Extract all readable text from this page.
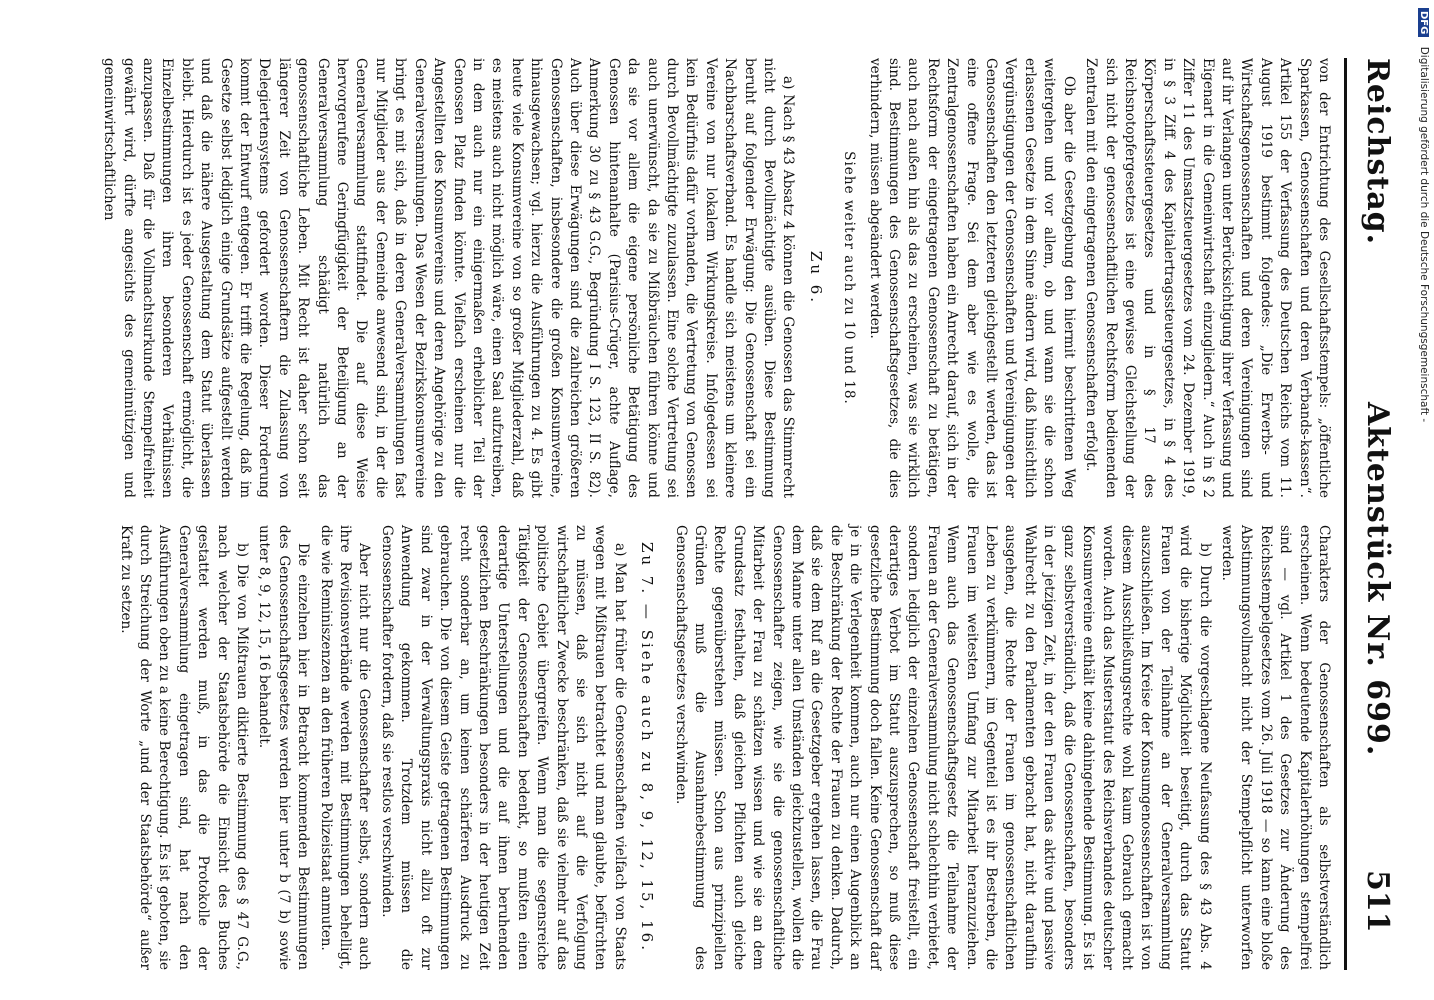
Reichstag.
Aktenstück Nr. 699.
511

von der Entrichtung des Gesellschaftsstempels: „öffentliche Sparkassen, Genossenschaften und deren Verbands-kassen“. Artikel 155 der Verfassung des Deutschen Reichs vom 11. August 1919 bestimmt folgendes: „Die Erwerbs- und Wirtschaftsgenossenschaften und deren Vereinigungen sind auf ihr Verlangen unter Berücksichtigung ihrer Verfassung und Eigenart in die Gemeinwirtschaft einzugliedern.“ Auch in § 2 Ziffer 11 des Umsatzsteuergesetzes vom 24. Dezember 1919, in § 3 Ziff. 4 des Kapitalertragssteuergesetzes, in § 4 des Körperschaftssteuergesetzes und in § 17 des Reichsnotopfergesetzes ist eine gewisse Gleichstellung der sich nicht der genossenschaftlichen Rechtsform bedienenden Zentralen mit den eingetragenen Genossenschaften erfolgt.

Ob aber die Gesetzgebung den hiermit beschrittenen Weg weitergehen und vor allem, ob und wann sie die schon erlassenen Gesetze in dem Sinne ändern wird, daß hinsichtlich Vergünstigungen der Genossenschaften und Vereinigungen der Genossenschaften den letzteren gleichgestellt werden, das ist eine offene Frage. Sei dem aber wie es wolle, die Zentralgenossenschaften haben ein Anrecht darauf, sich in der Rechtsform der eingetragenen Genossenschaft zu betätigen, auch nach außen hin als das zu erscheinen, was sie wirklich sind. Bestimmungen des Genossenschaftsgesetzes, die dies verhindern, müssen abgeändert werden.

Siehe weiter auch zu 10 und 18.
Zu 6.

a) Nach § 43 Absatz 4 können die Genossen das Stimmrecht nicht durch Bevollmächtigte ausüben. Diese Bestimmung beruht auf folgender Erwägung: Die Genossenschaft sei ein Nachbarschaftsverband. Es handle sich meistens um kleinere Vereine von nur lokalem Wirkungskreise. Infolgedessen sei kein Bedürfnis dafür vorhanden, die Vertretung von Genossen durch Bevollmächtigte zuzulassen. Eine solche Vertretung sei auch unerwünscht, da sie zu Mißbräuchen führen könne und da sie vor allem die eigene persönliche Betätigung des Genossen hintenanhalte (Parisius-Crüger, achte Auflage, Anmerkung 30 zu § 43 G.G., Begründung I S. 123, II S. 82). Auch über diese Erwägungen sind die zahlreichen größeren Genossenschaften, insbesondere die großen Konsumvereine, hinausgewachsen; vgl. hierzu die Ausführungen zu 4. Es gibt heute viele Konsumvereine von so großer Mitgliederzahl, daß es meistens auch nicht möglich wäre, einen Saal aufzutreiben, in dem auch nur ein einigermaßen erheblicher Teil der Genossen Platz finden könnte. Vielfach erscheinen nur die Angestellten des Konsumvereins und deren Angehörige zu den Generalversammlungen. Das Wesen der Bezirkskonsumvereine bringt es mit sich, daß in deren Generalversammlungen fast nur Mitglieder aus der Gemeinde anwesend sind, in der die Generalversammlung stattfindet. Die auf diese Weise hervorgerufene Geringfügigkeit der Beteiligung an der Generalversammlung schädigt natürlich das genossenschaftliche Leben. Mit Recht ist daher schon seit längerer Zeit von Genossenschaftern die Zulassung von Delegiertensystems gefordert worden. Dieser Forderung kommt der Entwurf entgegen. Er trifft die Regelung, daß im Gesetze selbst lediglich einige Grundsätze aufgestellt werden und daß die nähere Ausgestaltung dem Statut überlassen bleibt. Hierdurch ist es jeder Genossenschaft ermöglicht, die Einzelbestimmungen ihren besonderen Verhältnissen anzupassen. Daß für die Vollmachtsurkunde Stempelfreiheit gewährt wird, dürfte angesichts des gemeinnützigen und gemeinwirtschaftlichen

Charakters der Genossenschaften als selbstverständlich erscheinen. Wenn bedeutende Kapitalerhöhungen stempelfrei sind — vgl. Artikel 1 des Gesetzes zur Änderung des Reichsstempelgesetzes vom 26. Juli 1918 — so kann eine bloße Abstimmungsvollmacht nicht der Stempelpflicht unterworfen werden.

b) Durch die vorgeschlagene Neufassung des § 43 Abs. 4 wird die bisherige Möglichkeit beseitigt, durch das Statut Frauen von der Teilnahme an der Generalversammlung auszuschließen. Im Kreise der Konsumgenossenschaften ist von diesem Ausschließungsrechte wohl kaum Gebrauch gemacht worden. Auch das Musterstatut des Reichsverbandes deutscher Konsumvereine enthält keine dahingehende Bestimmung. Es ist ganz selbstverständlich, daß die Genossenschaften, besonders in der jetzigen Zeit, in der den Frauen das aktive und passive Wahlrecht zu den Parlamenten gebracht hat, nicht daraufhin ausgehen, die Rechte der Frauen im genossenschaftlichen Leben zu verkümmern, im Gegenteil ist es ihr Bestreben, die Frauen im weitesten Umfang zur Mitarbeit heranzuziehen. Wenn auch das Genossenschaftsgesetz die Teilnahme der Frauen an der Generalversammlung nicht schlechthin verbietet, sondern lediglich der einzelnen Genossenschaft freistellt, ein derartiges Verbot im Statut auszusprechen, so muß diese gesetzliche Bestimmung doch fallen. Keine Genossenschaft darf je in die Verlegenheit kommen, auch nur einen Augenblick an die Beschränkung der Rechte der Frauen zu denken. Dadurch, daß sie dem Ruf an die Gesetzgeber ergehen lassen, die Frau dem Manne unter allen Umständen gleichzustellen, wollen die Genossenschafter zeigen, wie sie die genossenschaftliche Mitarbeit der Frau zu schätzen wissen und wie sie an dem Grundsatz festhalten, daß gleichen Pflichten auch gleiche Rechte gegenüberstehen müssen. Schon aus prinzipiellen Gründen muß die Ausnahmebestimmung des Genossenschaftsgesetzes verschwinden.

Zu 7. — Siehe auch zu 8, 9, 12, 15, 16.

a) Man hat früher die Genossenschaften vielfach von Staats wegen mit Mißtrauen betrachtet und man glaubte, befürchten zu müssen, daß sie sich nicht auf die Verfolgung wirtschaftlicher Zwecke beschränken, daß sie vielmehr auf das politische Gebiet übergreifen. Wenn man die segensreiche Tätigkeit der Genossenschaften bedenkt, so mußten einen derartige Unterstellungen und die auf ihnen beruhenden gesetzlichen Beschränkungen besonders in der heutigen Zeit recht sonderbar an, um keinen schärferen Ausdruck zu gebrauchen. Die von diesem Geiste getragenen Bestimmungen sind zwar in der Verwaltungspraxis nicht allzu oft zur Anwendung gekommen. Trotzdem müssen die Genossenschafter fordern, daß sie restlos verschwinden.

Aber nicht nur die Genossenschafter selbst, sondern auch ihre Revisionsverbände werden mit Bestimmungen behelligt, die wie Reminiszenzen an den früheren Polizeistaat anmuten.

Die einzelnen hier in Betracht kommenden Bestimmungen des Genossenschaftsgesetzes werden hier unter b (7 b) sowie unter 8, 9, 12, 15, 16 behandelt.

b) Die von Mißtrauen diktierte Bestimmung des § 47 G.G., nach welcher der Staatsbehörde die Einsicht des Buches gestattet werden muß, in das die Protokolle der Generalversammlung eingetragen sind, hat nach den Ausführungen oben zu a keine Berechtigung. Es ist geboten, sie durch Streichung der Worte „und der Staatsbehörde“ außer Kraft zu setzen.

DFG Digitalisierung gefördert durch die Deutsche Forschungsgemeinschaft -
